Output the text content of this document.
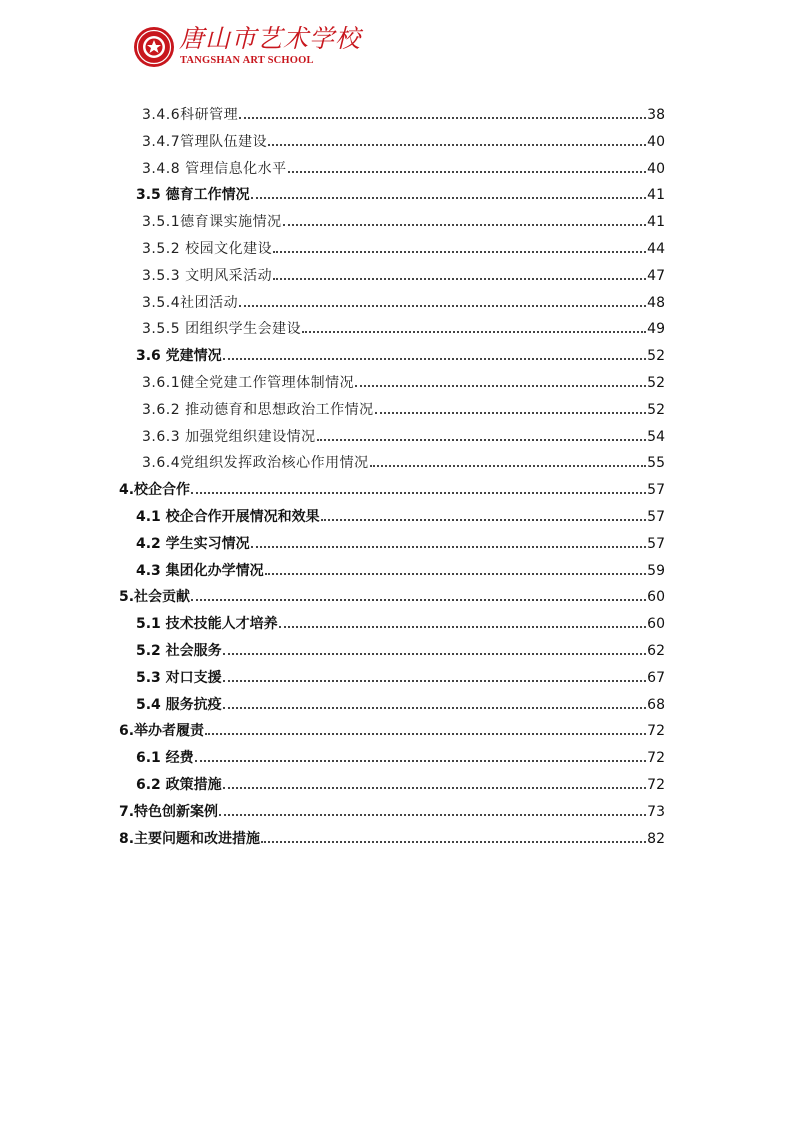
唐山市艺术学校
TANGSHAN ART SCHOOL
3.4.6科研管理	38
3.4.7管理队伍建设	40
3.4.8 管理信息化水平	40
3.5 德育工作情况	41
3.5.1德育课实施情况	41
3.5.2 校园文化建设	44
3.5.3 文明风采活动	47
3.5.4社团活动	48
3.5.5 团组织学生会建设	49
3.6 党建情况	52
3.6.1健全党建工作管理体制情况	52
3.6.2 推动德育和思想政治工作情况	52
3.6.3 加强党组织建设情况	54
3.6.4党组织发挥政治核心作用情况	55
4.校企合作	57
4.1 校企合作开展情况和效果	57
4.2 学生实习情况	57
4.3 集团化办学情况	59
5.社会贡献	60
5.1 技术技能人才培养	60
5.2 社会服务	62
5.3 对口支援	67
5.4 服务抗疫	68
6.举办者履责	72
6.1 经费	72
6.2 政策措施	72
7.特色创新案例	73
8.主要问题和改进措施	82
